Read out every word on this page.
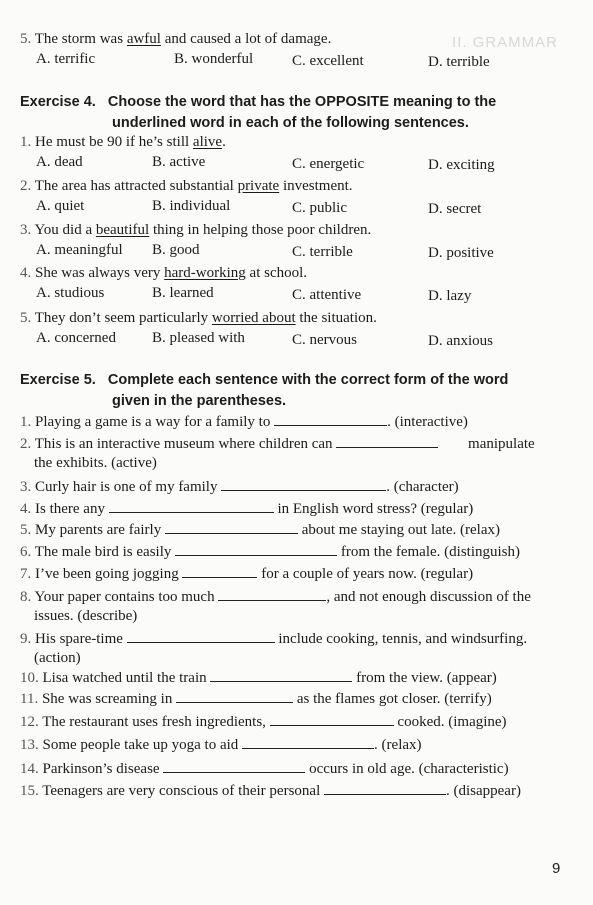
II. GRAMMAR
5. The storm was awful and caused a lot of damage.
A. terrific	B. wonderful	C. excellent	D. terrible
Exercise 4. Choose the word that has the OPPOSITE meaning to the
underlined word in each of the following sentences.
1. He must be 90 if he’s still alive.
A. dead	B. active	C. energetic	D. exciting
2. The area has attracted substantial private investment.
A. quiet	B. individual	C. public	D. secret
3. You did a beautiful thing in helping those poor children.
A. meaningful B. good	C. terrible	D. positive
4. She was always very hard-working at school.
A. studious	B. learned	C. attentive	D. lazy
5. They don’t seem particularly worried about the situation.
A. concerned B. pleased with	C. nervous	D. anxious
Exercise 5. Complete each sentence with the correct form of the word
given in the parentheses.
1. Playing a game is a way for a family to	. (interactive)
2. This is an interactive museum where children can	manipulate
the exhibits. (active)
3. Curly hair is one of my family	. (character)
4. Is there any	in English word stress? (regular)
5. My parents are fairly	about me staying out late. (relax)
6. The male bird is easily	from the female. (distinguish)
7. I’ve been going jogging	for a couple of years now. (regular)
8. Your paper contains too much	, and not enough discussion of the
issues. (describe)
9. His spare-time	include cooking, tennis, and windsurfing.
(action)
10. Lisa watched until the train	from the view. (appear)
11. She was screaming in	as the flames got closer. (terrify)
12. The restaurant uses fresh ingredients,	cooked. (imagine)
13. Some people take up yoga to aid	. (relax)
14. Parkinson’s disease	occurs in old age. (characteristic)
15. Teenagers are very conscious of their personal	. (disappear)
9
